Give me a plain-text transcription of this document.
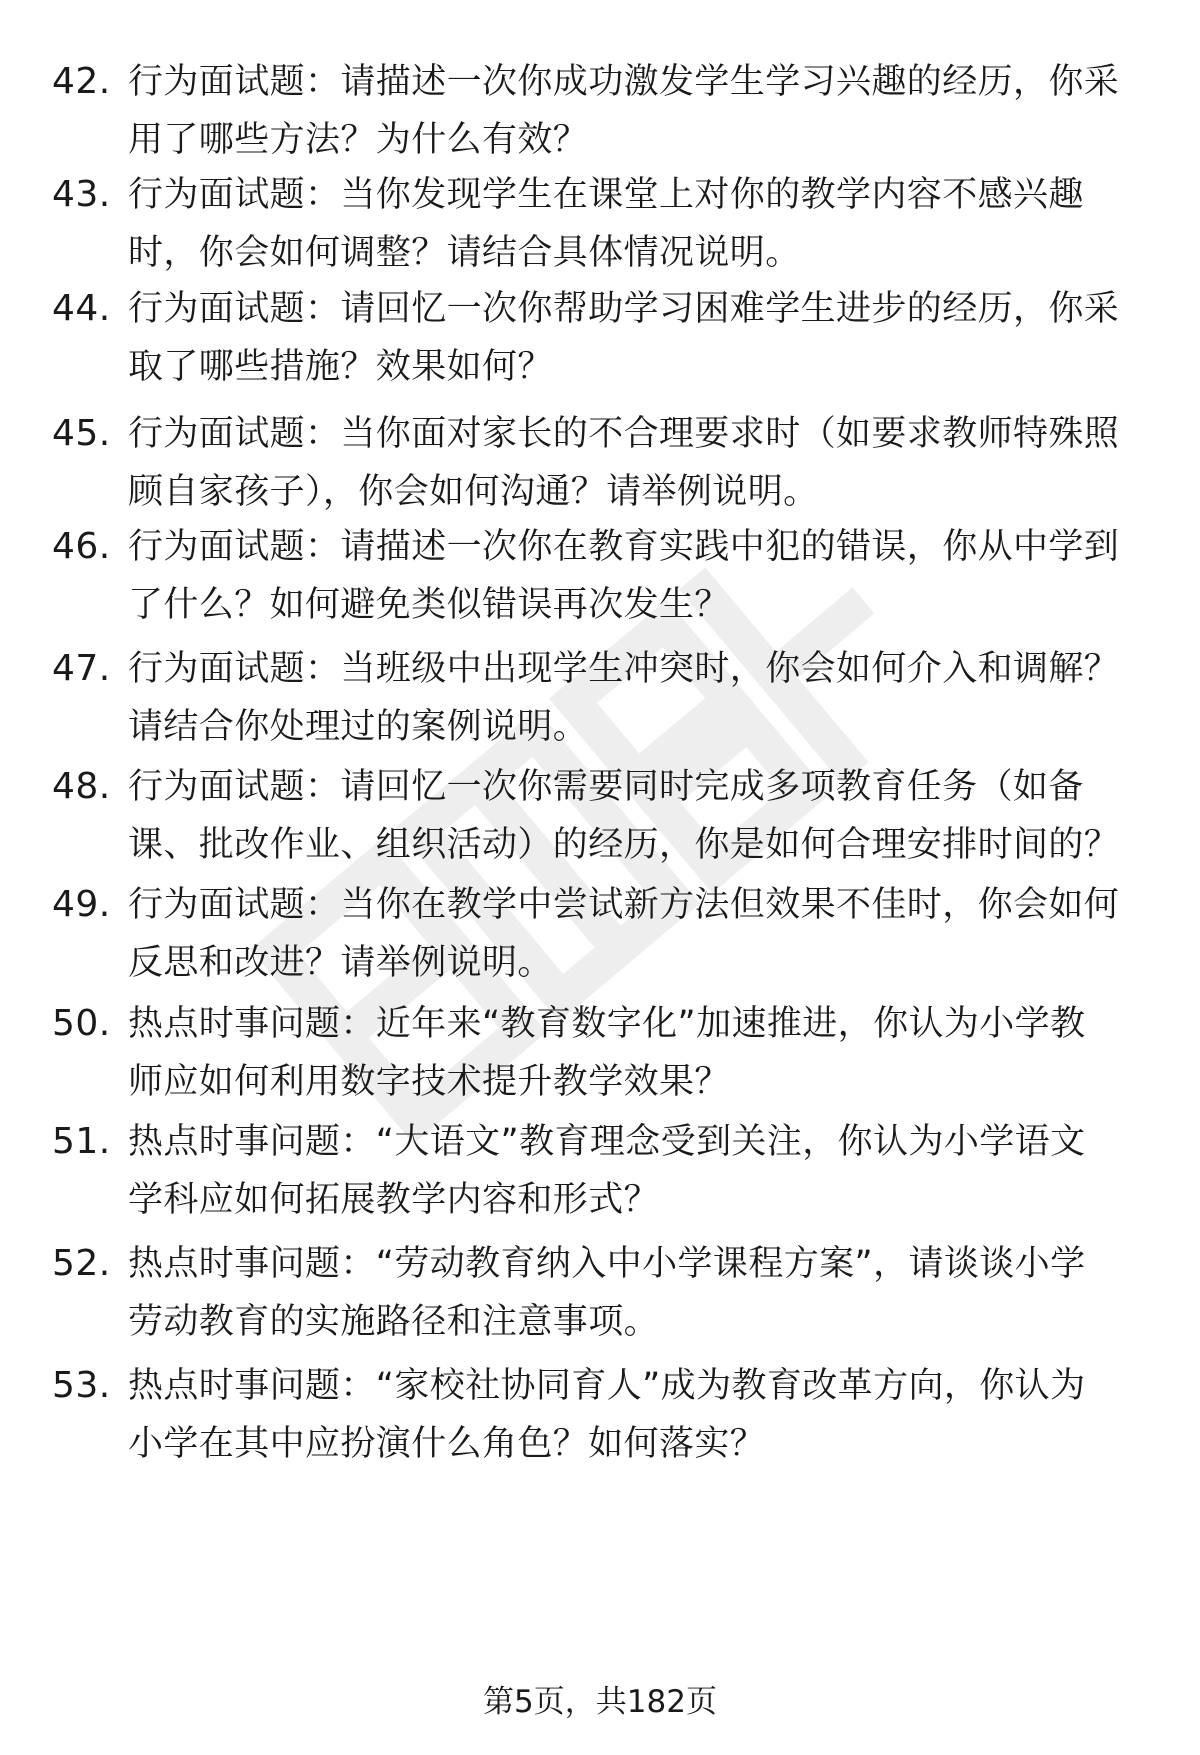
42. 行为面试题：请描述一次你成功激发学生学习兴趣的经历，你采
用了哪些方法？为什么有效？
43. 行为面试题：当你发现学生在课堂上对你的教学内容不感兴趣
时，你会如何调整？请结合具体情况说明。
44. 行为面试题：请回忆一次你帮助学习困难学生进步的经历，你采
取了哪些措施？效果如何？
45. 行为面试题：当你面对家长的不合理要求时（如要求教师特殊照
顾自家孩子），你会如何沟通？请举例说明。
46. 行为面试题：请描述一次你在教育实践中犯的错误，你从中学到
了什么？如何避免类似错误再次发生？
47. 行为面试题：当班级中出现学生冲突时，你会如何介入和调解？
请结合你处理过的案例说明。
48. 行为面试题：请回忆一次你需要同时完成多项教育任务（如备
课、批改作业、组织活动）的经历，你是如何合理安排时间的？
49. 行为面试题：当你在教学中尝试新方法但效果不佳时，你会如何
反思和改进？请举例说明。
50. 热点时事问题：近年来“教育数字化”加速推进，你认为小学教
师应如何利用数字技术提升教学效果？
51. 热点时事问题：“大语文”教育理念受到关注，你认为小学语文
学科应如何拓展教学内容和形式？
52. 热点时事问题：“劳动教育纳入中小学课程方案”，请谈谈小学
劳动教育的实施路径和注意事项。
53. 热点时事问题：“家校社协同育人”成为教育改革方向，你认为
小学在其中应扮演什么角色？如何落实？
第5页，共182页
